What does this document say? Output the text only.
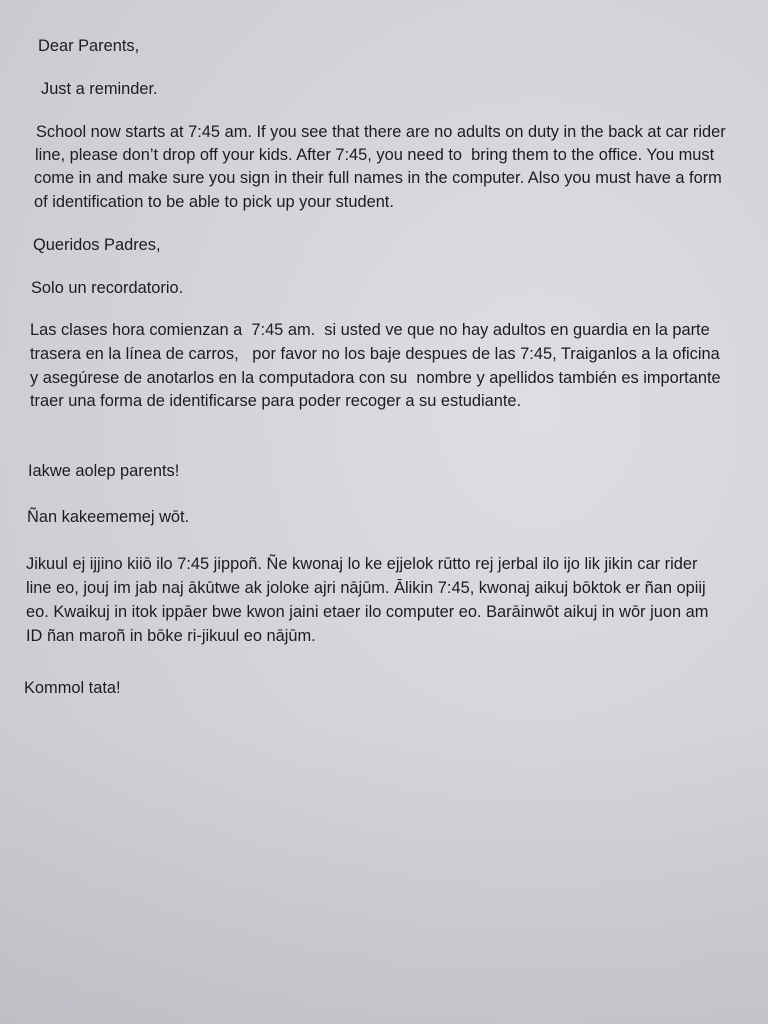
Dear Parents,

Just a reminder.

School now starts at 7:45 am. If you see that there are no adults on duty in the back at car rider

line, please don’t drop off your kids. After 7:45, you need to  bring them to the office. You must

come in and make sure you sign in their full names in the computer. Also you must have a form

of identification to be able to pick up your student.

Queridos Padres,

Solo un recordatorio.

Las clases hora comienzan a  7:45 am.  si usted ve que no hay adultos en guardia en la parte

trasera en la línea de carros,   por favor no los baje despues de las 7:45, Traiganlos a la oficina

y asegúrese de anotarlos en la computadora con su  nombre y apellidos también es importante

traer una forma de identificarse para poder recoger a su estudiante.

Iakwe aolep parents!

Ñan kakeememej wōt.

Jikuul ej ijjino kiiō ilo 7:45 jippoñ. Ñe kwonaj lo ke ejjelok rūtto rej jerbal ilo ijo lik jikin car rider

line eo, jouj im jab naj ākūtwe ak joloke ajri nājūm. Ālikin 7:45, kwonaj aikuj bōktok er ñan opiij

eo. Kwaikuj in itok ippāer bwe kwon jaini etaer ilo computer eo. Barāinwōt aikuj in wōr juon am

ID ñan maroñ in bōke ri-jikuul eo nājūm.

Kommol tata!
